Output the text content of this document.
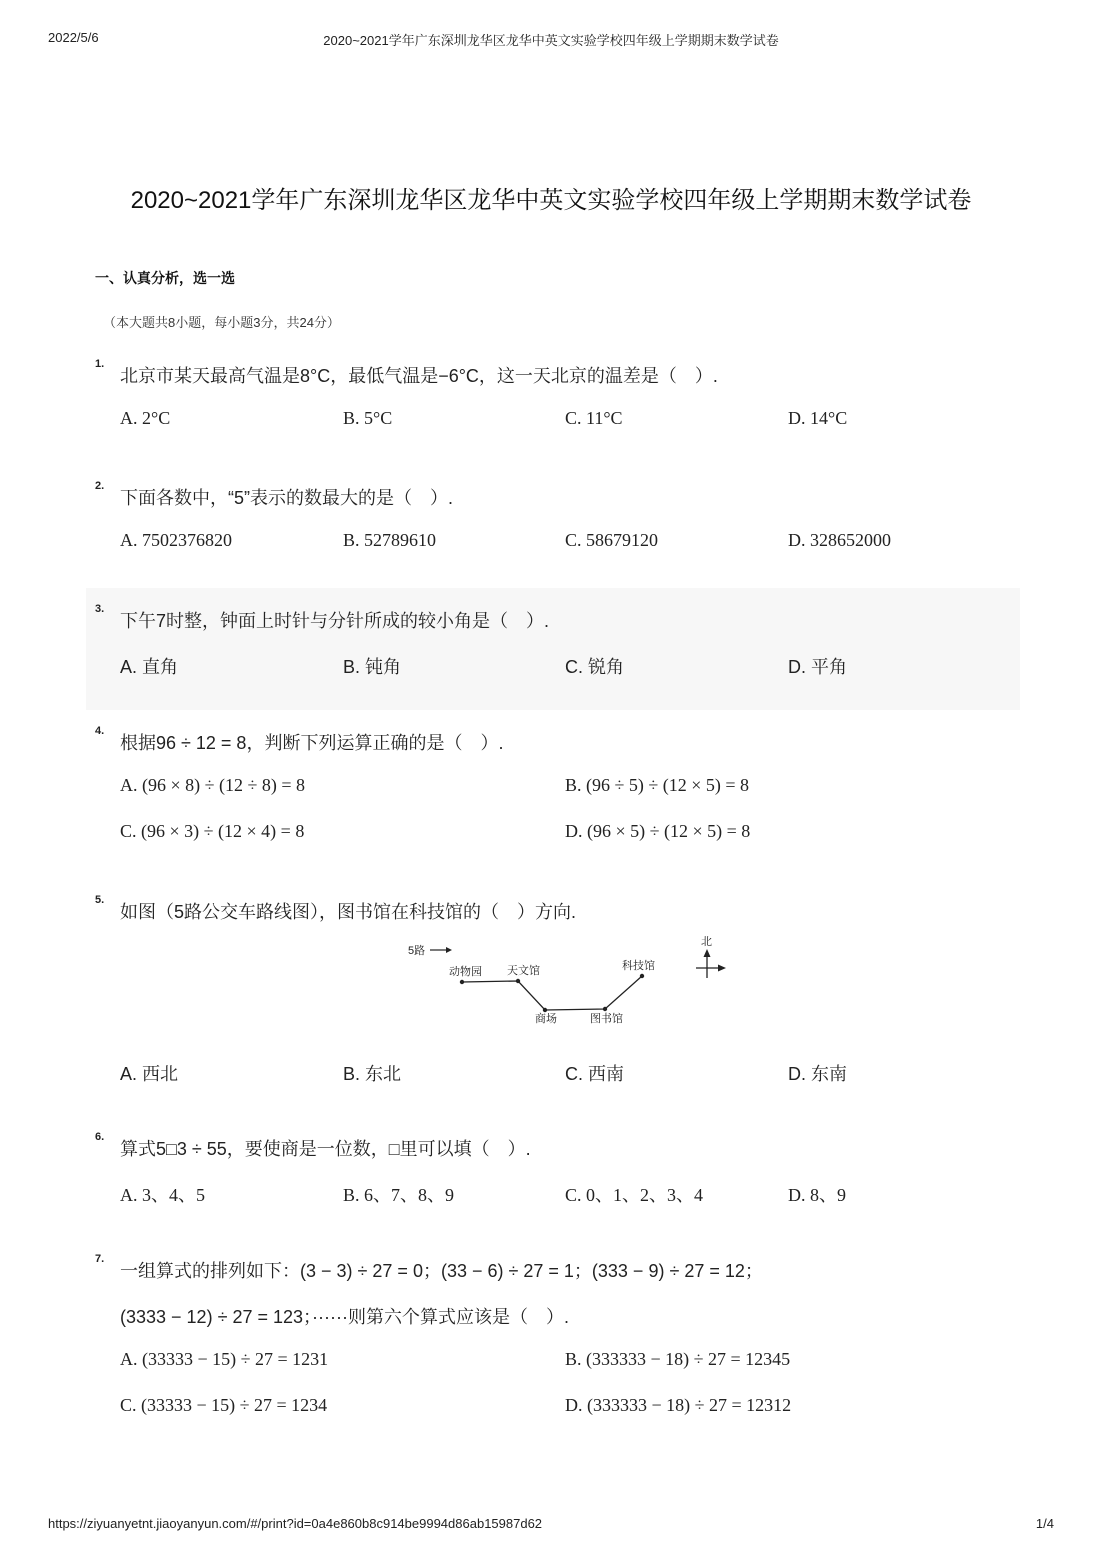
2022/5/6	2020~2021学年广东深圳龙华区龙华中英文实验学校四年级上学期期末数学试卷
2020~2021学年广东深圳龙华区龙华中英文实验学校四年级上学期期末数学试卷
一、认真分析，选一选
（本大题共8小题，每小题3分，共24分）
1.
北京市某天最高气温是8°C，最低气温是−6°C，这一天北京的温差是（　）.
A. 2°C	B. 5°C	C. 11°C	D. 14°C
2.
下面各数中，“5”表示的数最大的是（　）.
A. 7502376820	B. 52789610	C. 58679120	D. 328652000
3.
下午7时整，钟面上时针与分针所成的较小角是（　）.
A. 直角	B. 钝角	C. 锐角	D. 平角
4.
根据96 ÷ 12 = 8，判断下列运算正确的是（　）.
A. (96 × 8) ÷ (12 ÷ 8) = 8	B. (96 ÷ 5) ÷ (12 × 5) = 8
C. (96 × 3) ÷ (12 × 4) = 8	D. (96 × 5) ÷ (12 × 5) = 8
5.
如图（5路公交车路线图），图书馆在科技馆的（　）方向.
A. 西北	B. 东北	C. 西南	D. 东南
5路
动物园 天文馆
商场	图书馆
科技馆
北
6.
算式5□3 ÷ 55，要使商是一位数，□里可以填（　）.
A. 3、4、5	B. 6、7、8、9	C. 0、1、2、3、4	D. 8、9
7.
一组算式的排列如下：(3 − 3) ÷ 27 = 0；(33 − 6) ÷ 27 = 1；(333 − 9) ÷ 27 = 12；
(3333 − 12) ÷ 27 = 123；······则第六个算式应该是（　）.
A. (33333 − 15) ÷ 27 = 1231	B. (333333 − 18) ÷ 27 = 12345
C. (33333 − 15) ÷ 27 = 1234	D. (333333 − 18) ÷ 27 = 12312
https://ziyuanyetnt.jiaoyanyun.com/#/print?id=0a4e860b8c914be9994d86ab15987d62	1/4
